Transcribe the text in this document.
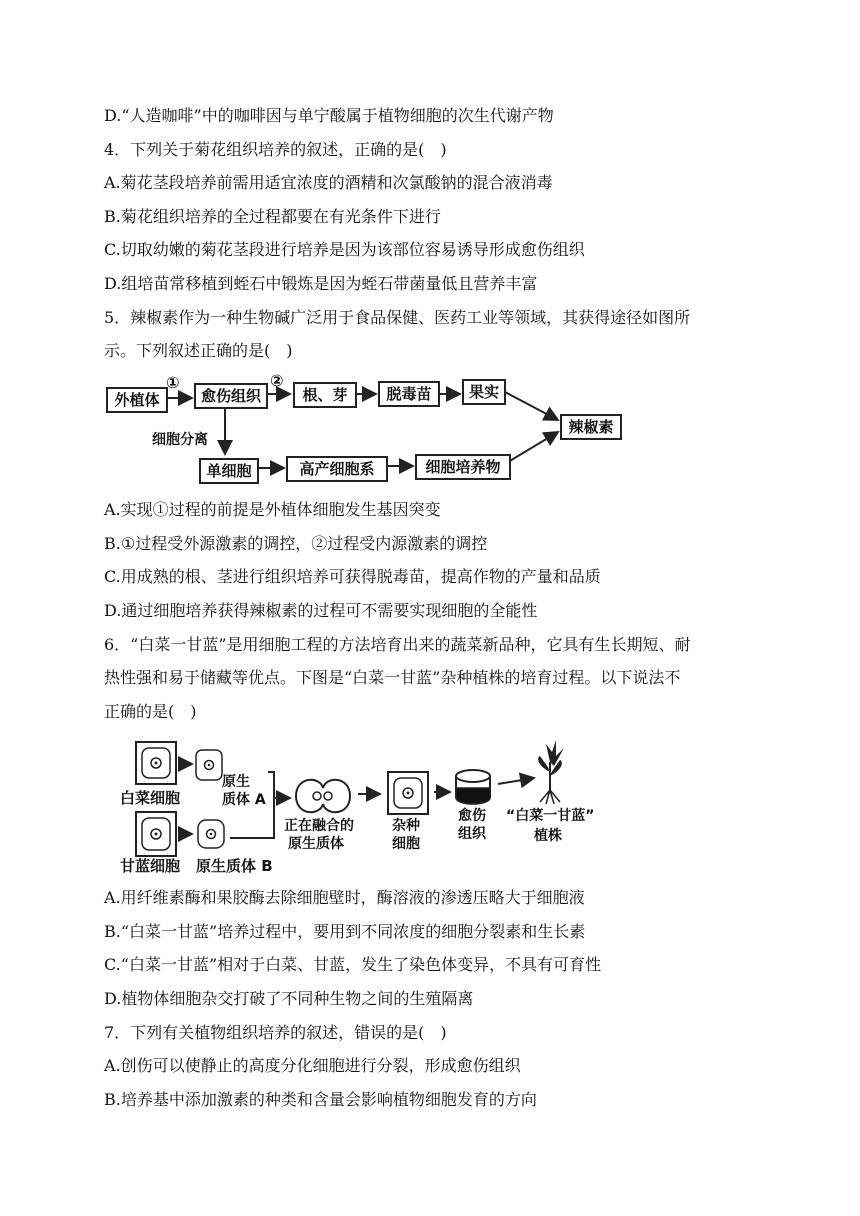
D.“人造咖啡”中的咖啡因与单宁酸属于植物细胞的次生代谢产物
4．下列关于菊花组织培养的叙述，正确的是(　)
A.菊花茎段培养前需用适宜浓度的酒精和次氯酸钠的混合液消毒
B.菊花组织培养的全过程都要在有光条件下进行
C.切取幼嫩的菊花茎段进行培养是因为该部位容易诱导形成愈伤组织
D.组培苗常移植到蛭石中锻炼是因为蛭石带菌量低且营养丰富
5．辣椒素作为一种生物碱广泛用于食品保健、医药工业等领域，其获得途径如图所
示。下列叙述正确的是(　)
外植体
①
愈伤组织
②
根、芽	脱毒苗	果实
辣椒素
细胞分离
单细胞	高产细胞系	细胞培养物
A.实现①过程的前提是外植体细胞发生基因突变
B.①过程受外源激素的调控，②过程受内源激素的调控
C.用成熟的根、茎进行组织培养可获得脱毒苗，提高作物的产量和品质
D.通过细胞培养获得辣椒素的过程可不需要实现细胞的全能性
6．“白菜一甘蓝”是用细胞工程的方法培育出来的蔬菜新品种，它具有生长期短、耐
热性强和易于储藏等优点。下图是“白菜一甘蓝”杂种植株的培育过程。以下说法不
正确的是(　)
白菜细胞
原生
质体 A
甘蓝细胞 原生质体 B
正在融合的
原生质体
杂种
细胞
愈伤
组织
“白菜一甘蓝”
植株
A.用纤维素酶和果胶酶去除细胞壁时，酶溶液的渗透压略大于细胞液
B.“白菜一甘蓝”培养过程中，要用到不同浓度的细胞分裂素和生长素
C.“白菜一甘蓝”相对于白菜、甘蓝，发生了染色体变异，不具有可育性
D.植物体细胞杂交打破了不同种生物之间的生殖隔离
7．下列有关植物组织培养的叙述，错误的是(　)
A.创伤可以使静止的高度分化细胞进行分裂，形成愈伤组织
B.培养基中添加激素的种类和含量会影响植物细胞发育的方向
